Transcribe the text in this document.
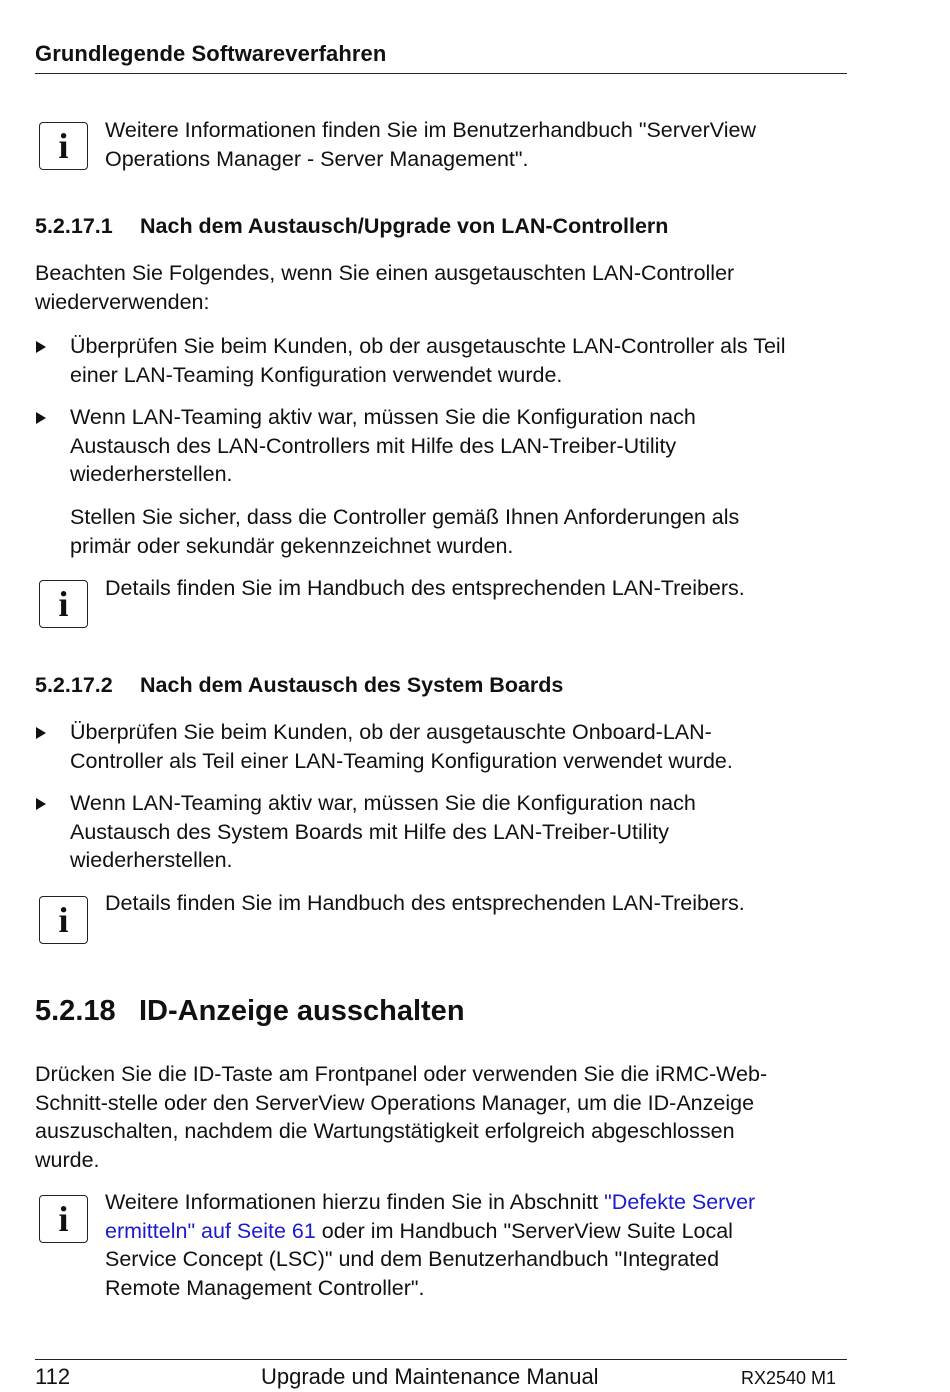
Grundlegende Softwareverfahren
i	Weitere Informationen finden Sie im Benutzerhandbuch "ServerView
Operations Manager - Server Management".
5.2.17.1 Nach dem Austausch/Upgrade von LAN-Controllern
Beachten Sie Folgendes, wenn Sie einen ausgetauschten LAN-Controller
wiederverwenden:
Überprüfen Sie beim Kunden, ob der ausgetauschte LAN-Controller als Teil
einer LAN-Teaming Konfiguration verwendet wurde.
Wenn LAN-Teaming aktiv war, müssen Sie die Konfiguration nach
Austausch des LAN-Controllers mit Hilfe des LAN-Treiber-Utility
wiederherstellen.
Stellen Sie sicher, dass die Controller gemäß Ihnen Anforderungen als
primär oder sekundär gekennzeichnet wurden.
i	Details finden Sie im Handbuch des entsprechenden LAN-Treibers.
5.2.17.2 Nach dem Austausch des System Boards
Überprüfen Sie beim Kunden, ob der ausgetauschte Onboard-LAN-
Controller als Teil einer LAN-Teaming Konfiguration verwendet wurde.
Wenn LAN-Teaming aktiv war, müssen Sie die Konfiguration nach
Austausch des System Boards mit Hilfe des LAN-Treiber-Utility
wiederherstellen.
i	Details finden Sie im Handbuch des entsprechenden LAN-Treibers.
5.2.18 ID-Anzeige ausschalten
Drücken Sie die ID-Taste am Frontpanel oder verwenden Sie die iRMC-Web-
Schnitt-stelle oder den ServerView Operations Manager, um die ID-Anzeige
auszuschalten, nachdem die Wartungstätigkeit erfolgreich abgeschlossen
wurde.
i	Weitere Informationen hierzu finden Sie in Abschnitt "Defekte Server
ermitteln" auf Seite 61 oder im Handbuch "ServerView Suite Local
Service Concept (LSC)" und dem Benutzerhandbuch "Integrated
Remote Management Controller".
112	Upgrade und Maintenance Manual	RX2540 M1
